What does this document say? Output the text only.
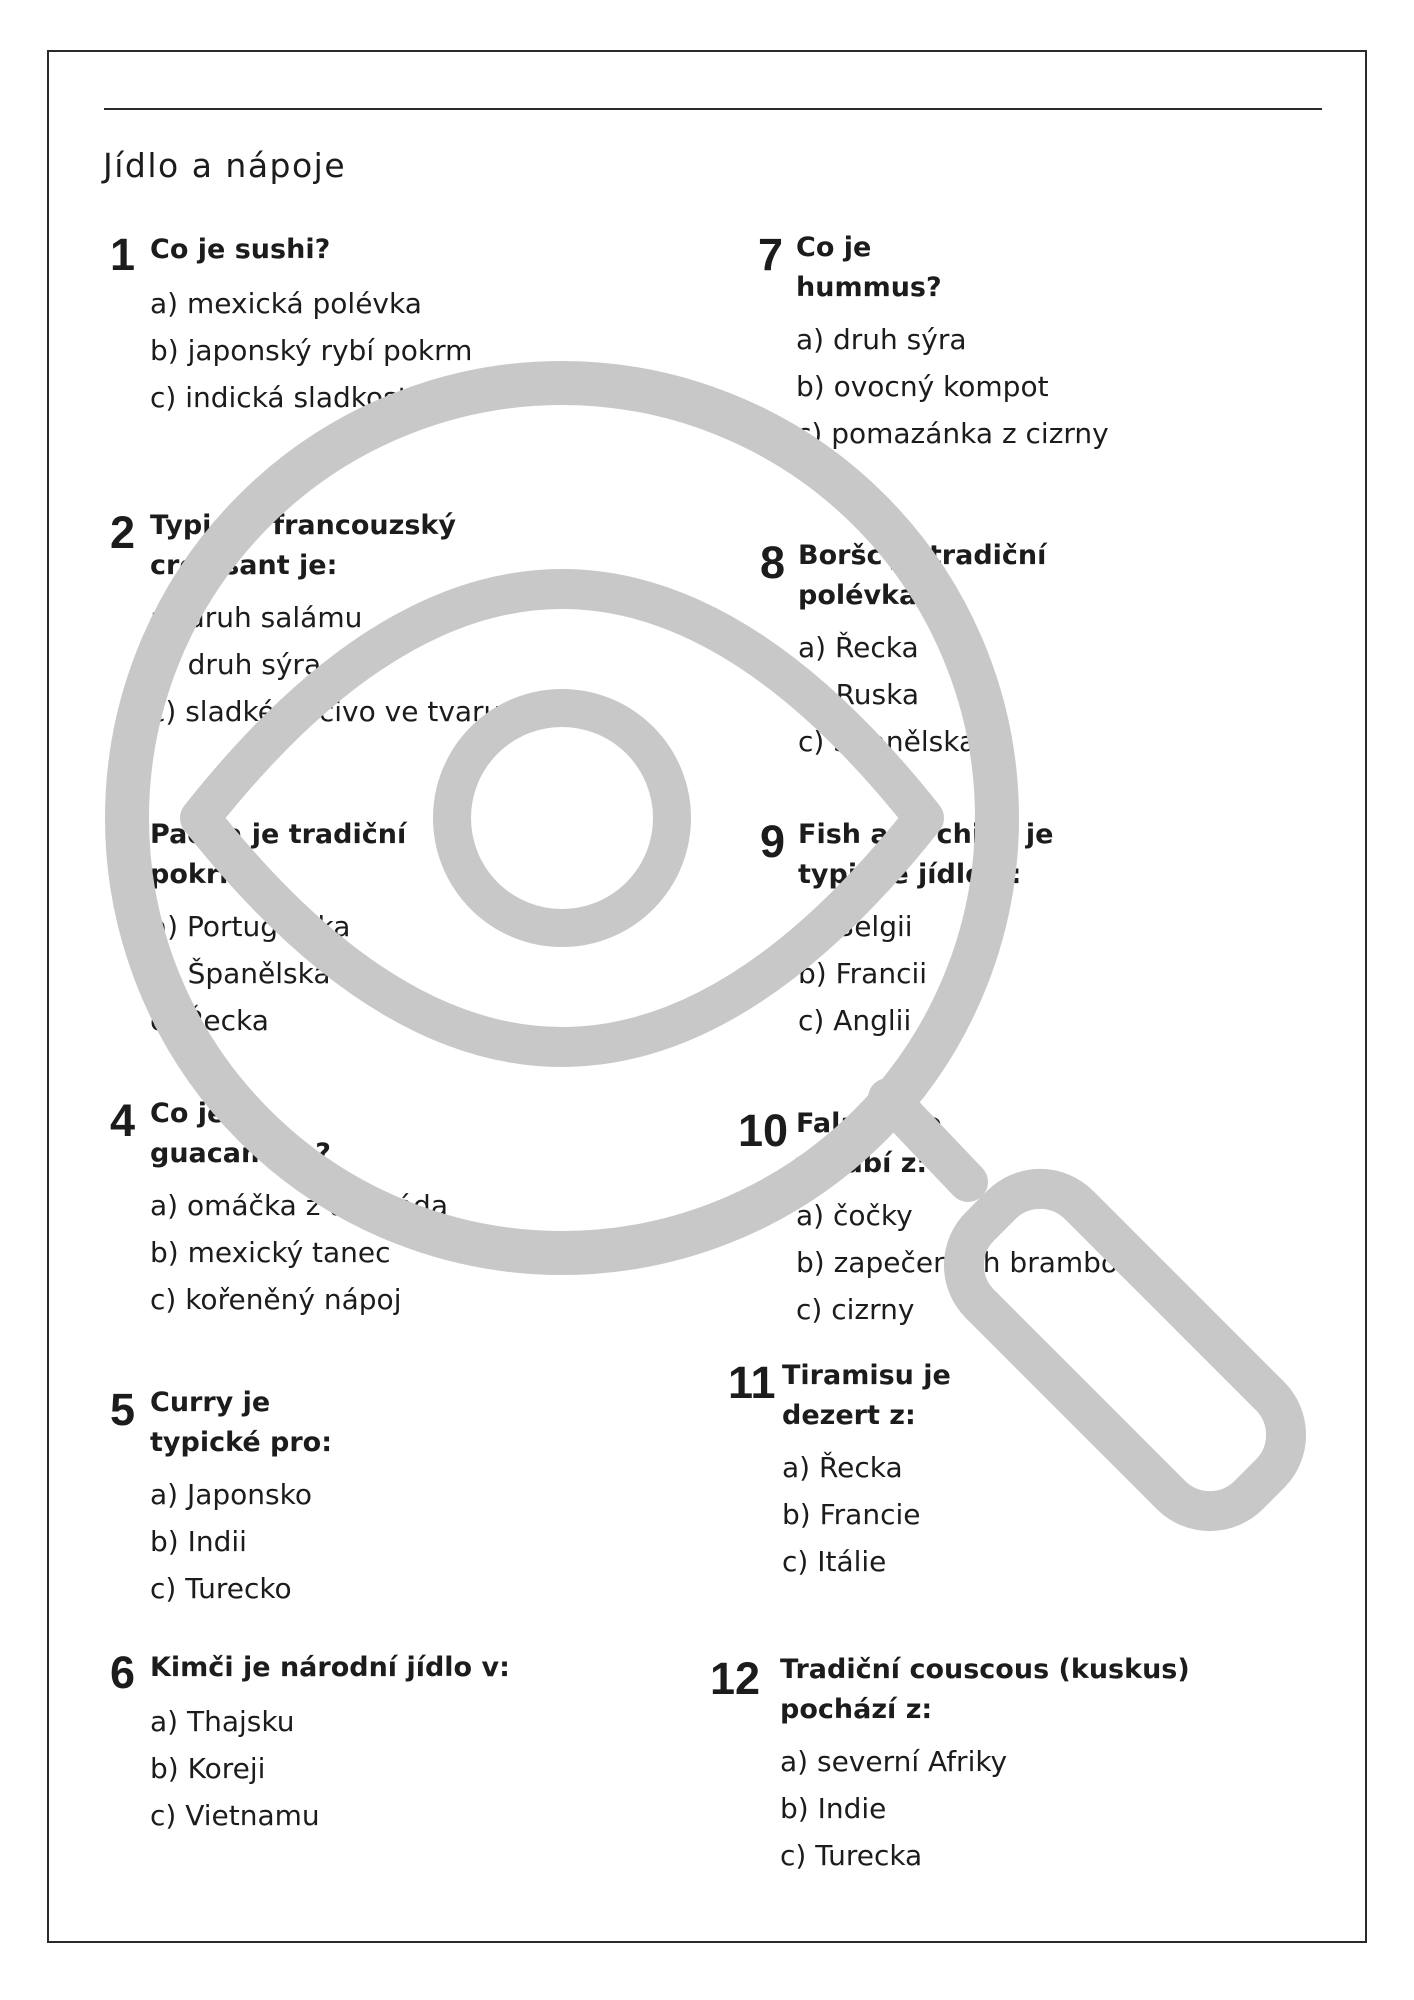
Jídlo a nápoje
1 Co je sushi?
a) mexická polévka
b) japonský rybí pokrm
c) indická sladkost
2 Typický francouzský croissant je:
a) druh salámu
b) druh sýra
c) sladké pečivo ve tvaru měsíce
3 Paella je tradiční pokrm:
a) Portugalska
b) Španělska
c) Řecka
4 Co je guacamole?
a) omáčka z avokáda
b) mexický tanec
c) kořeněný nápoj
5 Curry je typické pro:
a) Japonsko
b) Indii
c) Turecko
6 Kimči je národní jídlo v:
a) Thajsku
b) Koreji
c) Vietnamu
7 Co je hummus?
a) druh sýra
b) ovocný kompot
c) pomazánka z cizrny
8 Boršč je tradiční polévka z:
a) Řecka
b) Ruska
c) Španělska
9 Fish and chips je typické jídlo v:
a) Belgii
b) Francii
c) Anglii
10 Falafel se vyrábí z:
a) čočky
b) zapečených brambor
c) cizrny
11 Tiramisu je dezert z:
a) Řecka
b) Francie
c) Itálie
12 Tradiční couscous (kuskus) pochází z:
a) severní Afriky
b) Indie
c) Turecka
